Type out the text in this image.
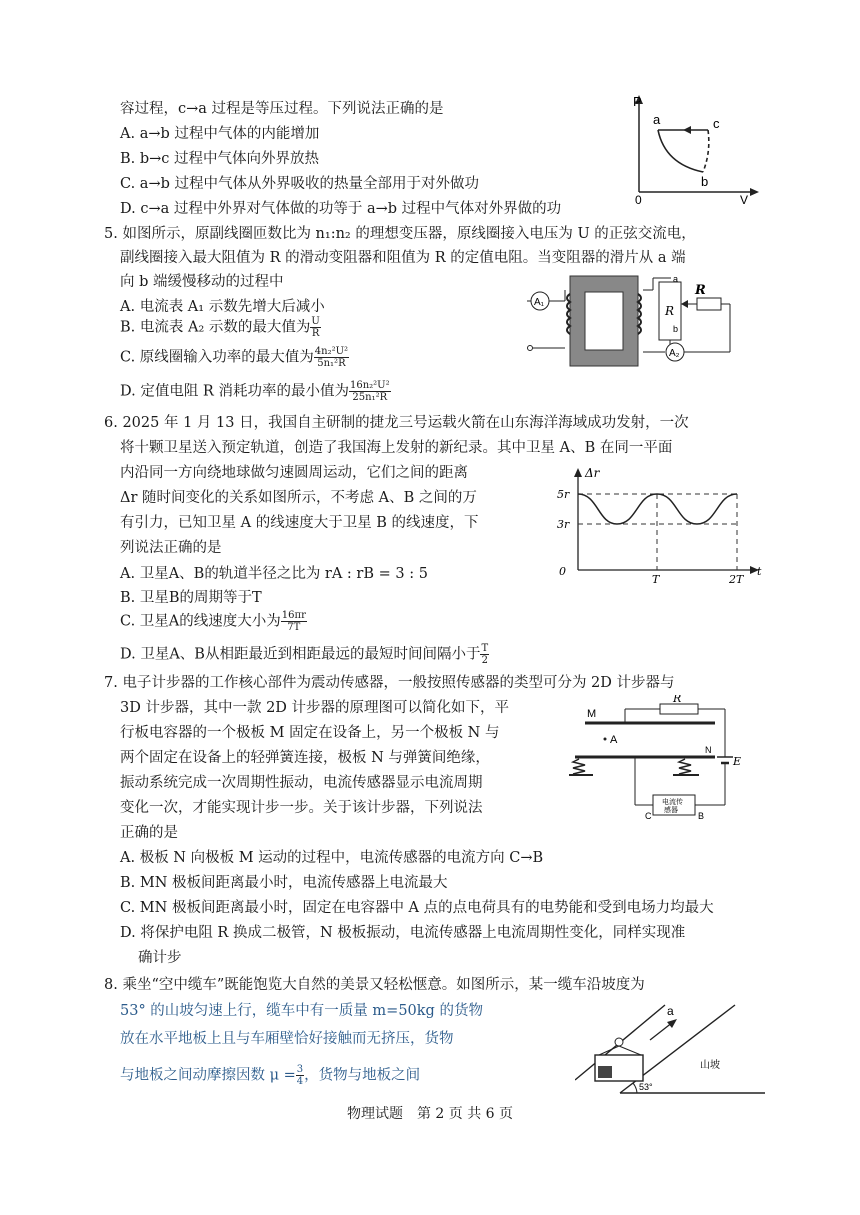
容过程，c→a 过程是等压过程。下列说法正确的是
A. a→b 过程中气体的内能增加
B. b→c 过程中气体向外界放热
C. a→b 过程中气体从外界吸收的热量全部用于对外做功
D. c→a 过程中外界对气体做的功等于 a→b 过程中气体对外界做的功
P
a	c
b
0	V
5. 如图所示，原副线圈匝数比为 n₁:n₂ 的理想变压器，原线圈接入电压为 U 的正弦交流电，
副线圈接入最大阻值为 R 的滑动变阻器和阻值为 R 的定值电阻。当变阻器的滑片从 a 端
向 b 端缓慢移动的过程中
A. 电流表 A₁ 示数先增大后减小
B. 电流表 A₂ 示数的最大值为 $\frac{U}{R}$
C. 原线圈输入功率的最大值为 $\frac{\text{4n₂²U²}}{\text{5n₁²R}}$
D. 定值电阻 R 消耗功率的最小值为 $\frac{\text{16n₂²U²}}{\text{25n₁²R}}$
A₁
R
a
b
R
A₂
6. 2025 年 1 月 13 日，我国自主研制的捷龙三号运载火箭在山东海洋海域成功发射，一次
将十颗卫星送入预定轨道，创造了我国海上发射的新纪录。其中卫星 A、B 在同一平面
内沿同一方向绕地球做匀速圆周运动，它们之间的距离
Δr 随时间变化的关系如图所示，不考虑 A、B 之间的万
有引力，已知卫星 A 的线速度大于卫星 B 的线速度，下
列说法正确的是
A. 卫星A、B的轨道半径之比为 rA : rB = 3 : 5
B. 卫星B的周期等于T
C. 卫星A的线速度大小为 $\frac{16\pi r}{7T}$
D. 卫星A、B从相距最近到相距最远的最短时间间隔小于 $\frac{T}{2}$
Δr
5r
3r
0
T	2T
t
7. 电子计步器的工作核心部件为震动传感器，一般按照传感器的类型可分为 2D 计步器与
3D 计步器，其中一款 2D 计步器的原理图可以简化如下，平
行板电容器的一个极板 M 固定在设备上，另一个极板 N 与
两个固定在设备上的轻弹簧连接，极板 N 与弹簧间绝缘，
振动系统完成一次周期性振动，电流传感器显示电流周期
变化一次，才能实现计步一步。关于该计步器，下列说法
正确的是
A. 极板 N 向极板 M 运动的过程中，电流传感器的电流方向 C→B
B. MN 极板间距离最小时，电流传感器上电流最大
C. MN 极板间距离最小时，固定在电容器中 A 点的点电荷具有的电势能和受到电场力均最大
D. 将保护电阻 R 换成二极管，N 极板振动，电流传感器上电流周期性变化，同样实现准
确计步
M
R
E
A
N
电流传
感器
C	B
8. 乘坐“空中缆车”既能饱览大自然的美景又轻松惬意。如图所示，某一缆车沿坡度为
53° 的山坡匀速上行，缆车中有一质量 m=50kg 的货物
放在水平地板上且与车厢壁恰好接触而无挤压，货物
与地板之间动摩擦因数 $\mu = \frac{3}{4}$ ，货物与地板之间
a
山坡
53°
物理试题　第 2 页 共 6 页
